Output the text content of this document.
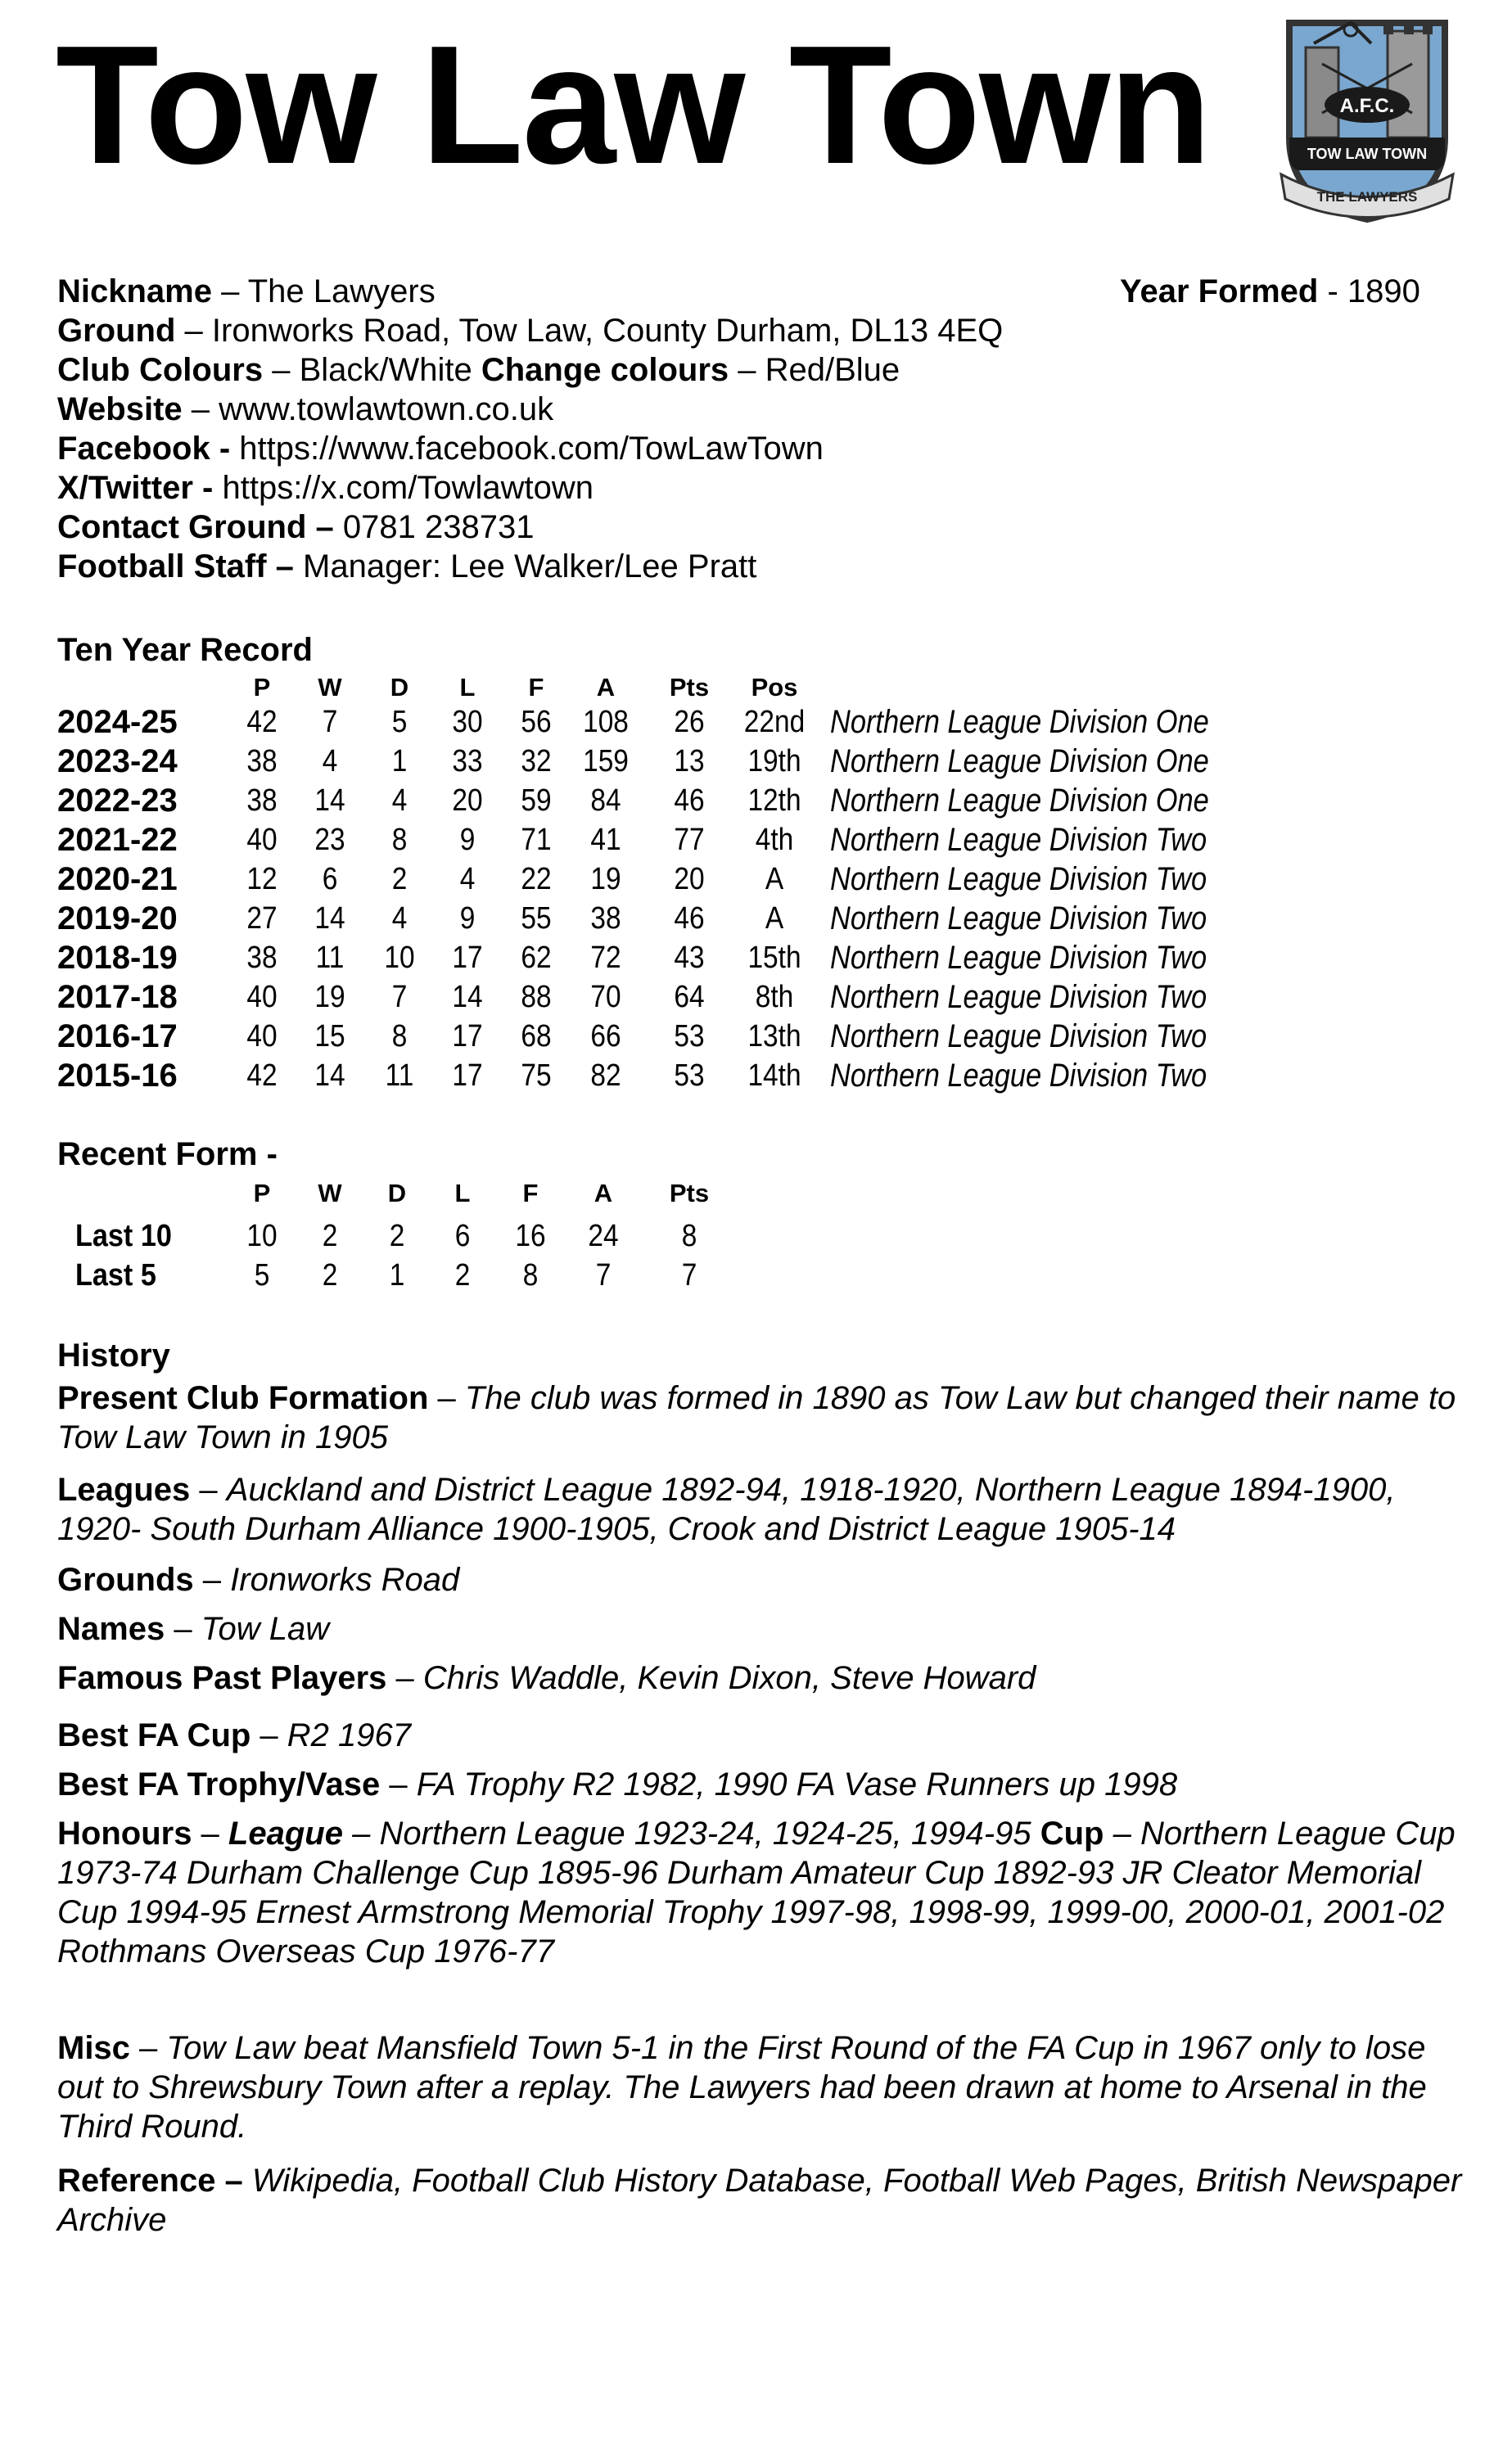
Tow Law Town	A.F.C.
TOW LAW TOWN
THE LAWYERS
Nickname – The Lawyers	Year Formed - 1890
Ground – Ironworks Road, Tow Law, County Durham, DL13 4EQ
Club Colours – Black/White Change colours – Red/Blue
Website – www.towlawtown.co.uk
Facebook - https://www.facebook.com/TowLawTown
X/Twitter - https://x.com/Towlawtown
Contact Ground – 0781 238731
Football Staff – Manager: Lee Walker/Lee Pratt
Ten Year Record
P	W	D	L	F	A	Pts	Pos
2024-25	42	7	5	30	56	108	26	22nd Northern League Division One
2023-24	38	4	1	33	32	159	13	19th Northern League Division One
2022-23	38	14	4	20	59	84	46	12th Northern League Division One
2021-22	40	23	8	9	71	41	77	4th	Northern League Division Two
2020-21	12	6	2	4	22	19	20	A	Northern League Division Two
2019-20	27	14	4	9	55	38	46	A	Northern League Division Two
2018-19	38	11	10	17	62	72	43	15th Northern League Division Two
2017-18	40	19	7	14	88	70	64	8th	Northern League Division Two
2016-17	40	15	8	17	68	66	53	13th Northern League Division Two
2015-16	42	14	11	17	75	82	53	14th Northern League Division Two
Recent Form -
P	W	D	L	F	A	Pts
Last 10	10	2	2	6	16	24	8
Last 5	5	2	1	2	8	7	7
History
Present Club Formation – The club was formed in 1890 as Tow Law but changed their name to Tow Law Town in 1905
Leagues – Auckland and District League 1892-94, 1918-1920, Northern League 1894-1900, 1920- South Durham Alliance 1900-1905, Crook and District League 1905-14
Grounds – Ironworks Road
Names – Tow Law
Famous Past Players – Chris Waddle, Kevin Dixon, Steve Howard
Best FA Cup – R2 1967
Best FA Trophy/Vase – FA Trophy R2 1982, 1990 FA Vase Runners up 1998
Honours – League – Northern League 1923-24, 1924-25, 1994-95 Cup – Northern League Cup 1973-74 Durham Challenge Cup 1895-96 Durham Amateur Cup 1892-93 JR Cleator Memorial Cup 1994-95 Ernest Armstrong Memorial Trophy 1997-98, 1998-99, 1999-00, 2000-01, 2001-02 Rothmans Overseas Cup 1976-77
Misc – Tow Law beat Mansfield Town 5-1 in the First Round of the FA Cup in 1967 only to lose out to Shrewsbury Town after a replay. The Lawyers had been drawn at home to Arsenal in the Third Round.
Reference – Wikipedia, Football Club History Database, Football Web Pages, British Newspaper Archive
